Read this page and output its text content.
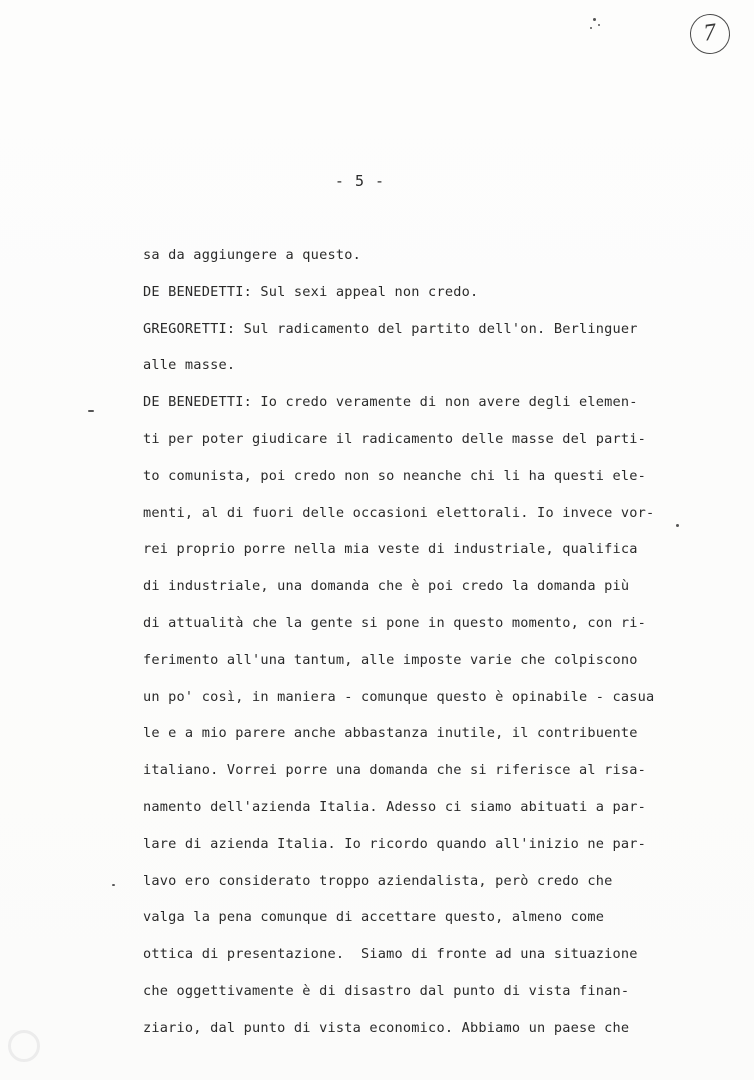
7
- 5 -
sa da aggiungere a questo.
DE BENEDETTI: Sul sexi appeal non credo.
GREGORETTI: Sul radicamento del partito dell'on. Berlinguer
alle masse.
DE BENEDETTI: Io credo veramente di non avere degli elemen-
ti per poter giudicare il radicamento delle masse del parti-
to comunista, poi credo non so neanche chi li ha questi ele-
menti, al di fuori delle occasioni elettorali. Io invece vor-
rei proprio porre nella mia veste di industriale, qualifica
di industriale, una domanda che è poi credo la domanda più
di attualità che la gente si pone in questo momento, con ri-
ferimento all'una tantum, alle imposte varie che colpiscono
un po' così, in maniera - comunque questo è opinabile - casua
le e a mio parere anche abbastanza inutile, il contribuente
italiano. Vorrei porre una domanda che si riferisce al risa-
namento dell'azienda Italia. Adesso ci siamo abituati a par-
lare di azienda Italia. Io ricordo quando all'inizio ne par-
lavo ero considerato troppo aziendalista, però credo che
valga la pena comunque di accettare questo, almeno come
ottica di presentazione.  Siamo di fronte ad una situazione
che oggettivamente è di disastro dal punto di vista finan-
ziario, dal punto di vista economico. Abbiamo un paese che
